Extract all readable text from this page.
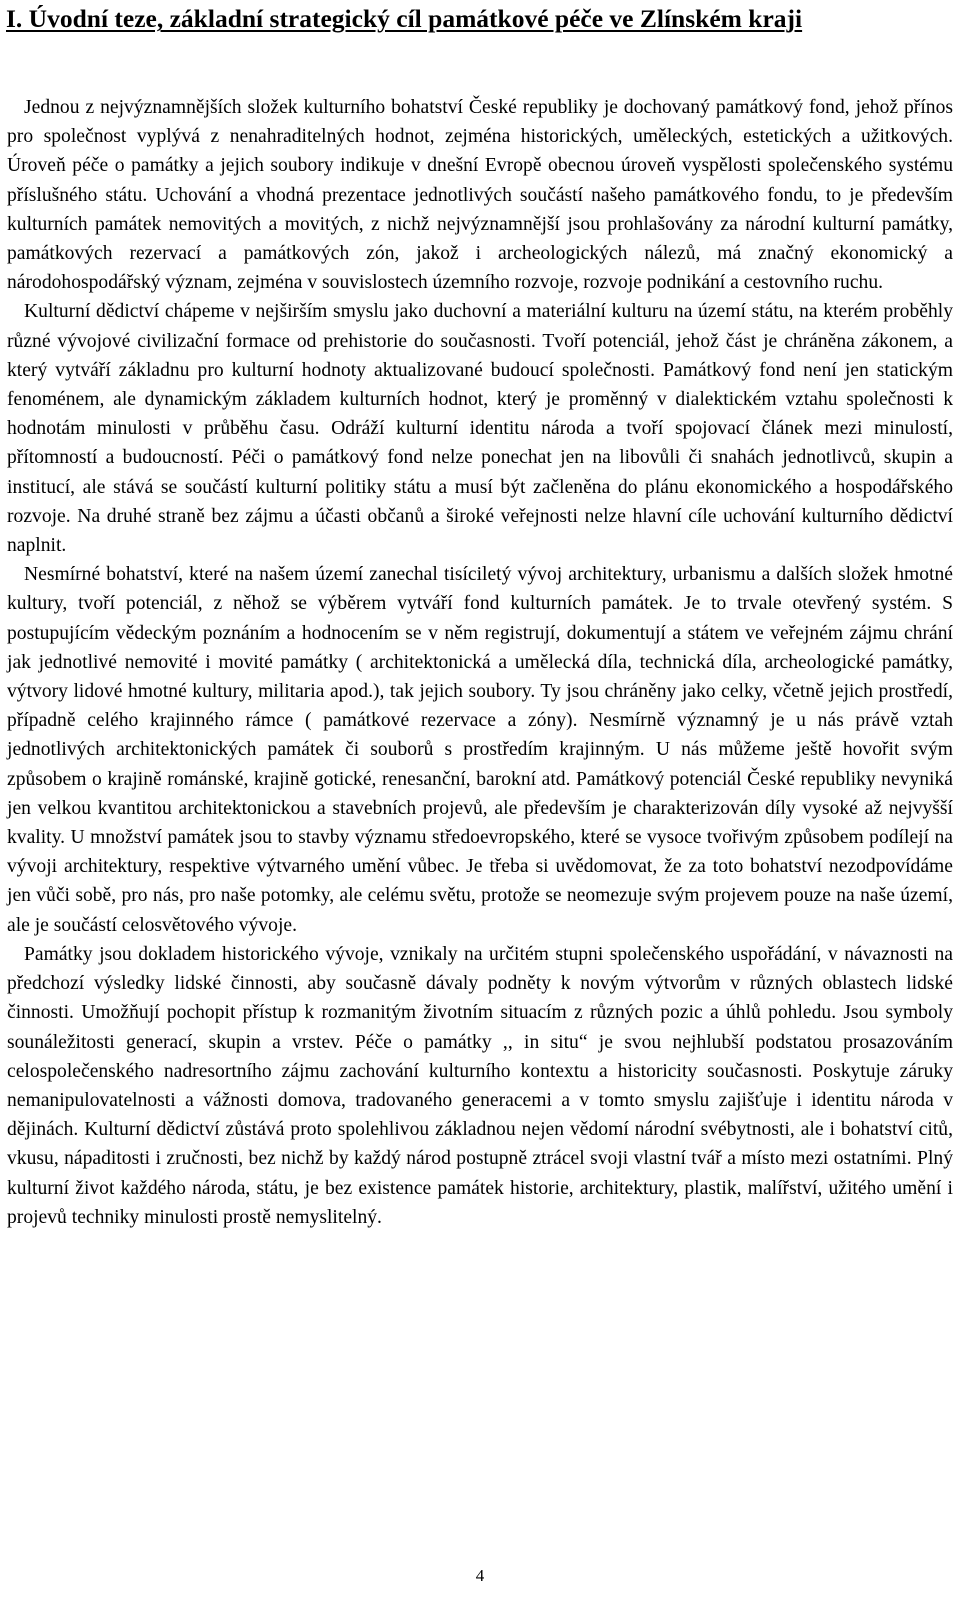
I. Úvodní teze, základní strategický cíl památkové péče ve Zlínském kraji

Jednou z nejvýznamnějších složek kulturního bohatství České republiky je dochovaný památkový fond, jehož přínos pro společnost vyplývá z nenahraditelných hodnot, zejména historických, uměleckých, estetických a užitkových. Úroveň péče o památky a jejich soubory indikuje v dnešní Evropě obecnou úroveň vyspělosti společenského systému příslušného státu. Uchování a vhodná prezentace jednotlivých součástí našeho památkového fondu, to je především kulturních památek nemovitých a movitých, z nichž nejvýznamnější jsou prohlašovány za národní kulturní památky, památkových rezervací a památkových zón, jakož i archeologických nálezů, má značný ekonomický a národohospodářský význam, zejména v souvislostech územního rozvoje, rozvoje podnikání a cestovního ruchu.

Kulturní dědictví chápeme v nejširším smyslu jako duchovní a materiální kulturu na území státu, na kterém proběhly různé vývojové civilizační formace od prehistorie do současnosti. Tvoří potenciál, jehož část je chráněna zákonem, a který vytváří základnu pro kulturní hodnoty aktualizované budoucí společnosti. Památkový fond není jen statickým fenoménem, ale dynamickým základem kulturních hodnot, který je proměnný v dialektickém vztahu společnosti k hodnotám minulosti v průběhu času. Odráží kulturní identitu národa a tvoří spojovací článek mezi minulostí, přítomností a budoucností. Péči o památkový fond nelze ponechat jen na libovůli či snahách jednotlivců, skupin a institucí, ale stává se součástí kulturní politiky státu a musí být začleněna do plánu ekonomického a hospodářského rozvoje. Na druhé straně bez zájmu a účasti občanů a široké veřejnosti nelze hlavní cíle uchování kulturního dědictví naplnit.

Nesmírné bohatství, které na našem území zanechal tisíciletý vývoj architektury, urbanismu a dalších složek hmotné kultury, tvoří potenciál, z něhož se výběrem vytváří fond kulturních památek. Je to trvale otevřený systém. S postupujícím vědeckým poznáním a hodnocením se v něm registrují, dokumentují a státem ve veřejném zájmu chrání jak jednotlivé nemovité i movité památky ( architektonická a umělecká díla, technická díla, archeologické památky, výtvory lidové hmotné kultury, militaria apod.), tak jejich soubory. Ty jsou chráněny jako celky, včetně jejich prostředí, případně celého krajinného rámce ( památkové rezervace a zóny). Nesmírně významný je u nás právě vztah jednotlivých architektonických památek či souborů s prostředím krajinným. U nás můžeme ještě hovořit svým způsobem o krajině románské, krajině gotické, renesanční, barokní atd. Památkový potenciál České republiky nevyniká jen velkou kvantitou architektonickou a stavebních projevů, ale především je charakterizován díly vysoké až nejvyšší kvality. U množství památek jsou to stavby významu středoevropského, které se vysoce tvořivým způsobem podílejí na vývoji architektury, respektive výtvarného umění vůbec. Je třeba si uvědomovat, že za toto bohatství nezodpovídáme jen vůči sobě, pro nás, pro naše potomky, ale celému světu, protože se neomezuje svým projevem pouze na naše území, ale je součástí celosvětového vývoje.

Památky jsou dokladem historického vývoje, vznikaly na určitém stupni společenského uspořádání, v návaznosti na předchozí výsledky lidské činnosti, aby současně dávaly podněty k novým výtvorům v různých oblastech lidské činnosti. Umožňují pochopit přístup k rozmanitým životním situacím z různých pozic a úhlů pohledu. Jsou symboly sounáležitosti generací, skupin a vrstev. Péče o památky ,, in situ“ je svou nejhlubší podstatou prosazováním celospolečenského nadresortního zájmu zachování kulturního kontextu a historicity současnosti. Poskytuje záruky nemanipulovatelnosti a vážnosti domova, tradovaného generacemi a v tomto smyslu zajišťuje i identitu národa v dějinách. Kulturní dědictví zůstává proto spolehlivou základnou nejen vědomí národní svébytnosti, ale i bohatství citů, vkusu, nápaditosti i zručnosti, bez nichž by každý národ postupně ztrácel svoji vlastní tvář a místo mezi ostatními. Plný kulturní život každého národa, státu, je bez existence památek historie, architektury, plastik, malířství, užitého umění i projevů techniky minulosti prostě nemyslitelný.

4
